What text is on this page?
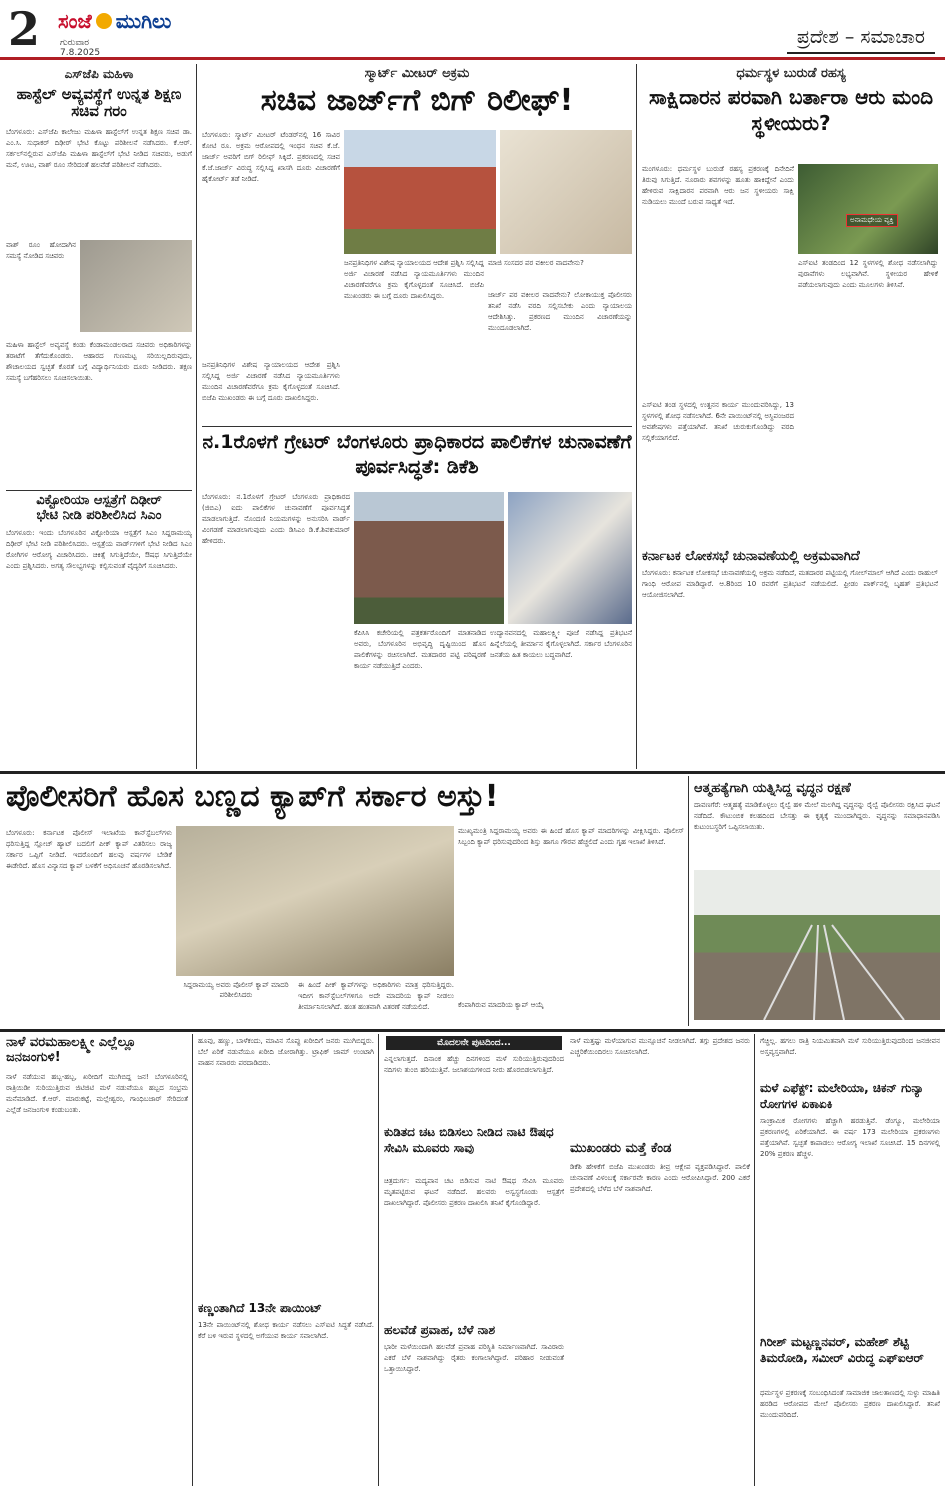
2 ಸಂಜೆ ಮುಗಿಲು
ಗುರುವಾರ
7.8.2025
ಪ್ರದೇಶ – ಸಮಾಚಾರ
ಎಸ್‌ಜೆಪಿ ಮಹಿಳಾ
ಹಾಸ್ಟೆಲ್ ಅವ್ಯವಸ್ಥೆಗೆ ಉನ್ನತ ಶಿಕ್ಷಣ ಸಚಿವ ಗರಂ
ಬೆಂಗಳೂರು: ಎಸ್‌ಜೆಪಿ ಕಾಲೇಜು ಮಹಿಳಾ ಹಾಸ್ಟೆಲ್‌ಗೆ ಉನ್ನತ ಶಿಕ್ಷಣ ಸಚಿವ ಡಾ. ಎಂ.ಸಿ. ಸುಧಾಕರ್ ದಿಢೀರ್ ಭೇಟಿ ಕೊಟ್ಟು ಪರಿಶೀಲನೆ ನಡೆಸಿದರು. ಕೆ.ಆರ್. ಸರ್ಕಲ್‌ನಲ್ಲಿರುವ ಎಸ್‌ಜೆಪಿ ಮಹಿಳಾ ಹಾಸ್ಟೆಲ್‌ಗೆ ಭೇಟಿ ನೀಡಿದ ಸಚಿವರು, ಅಡುಗೆ ಮನೆ, ಊಟ, ವಾಶ್ ರೂಂ ಸೇರಿದಂತೆ ಹಲವೆಡೆ ಪರಿಶೀಲನೆ ನಡೆಸಿದರು.
ವಾಶ್ ರೂಂ ಹೋದಾಗಿನ ಸಮಸ್ಯೆ ನೋಡಿದ ಸಚಿವರು
ಮಹಿಳಾ ಹಾಸ್ಟೆಲ್ ಅವ್ಯವಸ್ಥೆ ಕಂಡು ಕೆಂಡಾಮಂಡಲರಾದ ಸಚಿವರು ಅಧಿಕಾರಿಗಳನ್ನು ತರಾಟೆಗೆ ತೆಗೆದುಕೊಂಡರು. ಆಹಾರದ ಗುಣಮಟ್ಟ ಸರಿಯಿಲ್ಲದಿರುವುದು, ಶೌಚಾಲಯದ ಸ್ವಚ್ಛತೆ ಕೊರತೆ ಬಗ್ಗೆ ವಿದ್ಯಾರ್ಥಿನಿಯರು ದೂರು ನೀಡಿದರು. ತಕ್ಷಣ ಸಮಸ್ಯೆ ಬಗೆಹರಿಸಲು ಸೂಚಿಸಲಾಯಿತು.
ವಿಕ್ಟೋರಿಯಾ ಆಸ್ಪತ್ರೆಗೆ ದಿಢೀರ್
ಭೇಟಿ ನೀಡಿ ಪರಿಶೀಲಿಸಿದ ಸಿಎಂ
ಬೆಂಗಳೂರು: ಇಂದು ಬೆಂಗಳೂರಿನ ವಿಕ್ಟೋರಿಯಾ ಆಸ್ಪತ್ರೆಗೆ ಸಿಎಂ ಸಿದ್ದರಾಮಯ್ಯ ದಿಢೀರ್ ಭೇಟಿ ನೀಡಿ ಪರಿಶೀಲಿಸಿದರು. ಆಸ್ಪತ್ರೆಯ ವಾರ್ಡ್‌ಗಳಿಗೆ ಭೇಟಿ ನೀಡಿದ ಸಿಎಂ ರೋಗಿಗಳ ಆರೋಗ್ಯ ವಿಚಾರಿಸಿದರು. ಚಿಕಿತ್ಸೆ ಸಿಗುತ್ತಿದೆಯೇ, ಔಷಧ ಸಿಗುತ್ತಿದೆಯೇ ಎಂದು ಪ್ರಶ್ನಿಸಿದರು. ಅಗತ್ಯ ಸೌಲಭ್ಯಗಳನ್ನು ಕಲ್ಪಿಸುವಂತೆ ವೈದ್ಯರಿಗೆ ಸೂಚಿಸಿದರು.
ಸ್ಮಾರ್ಟ್ ಮೀಟರ್ ಅಕ್ರಮ
ಸಚಿವ ಜಾರ್ಜ್‌ಗೆ ಬಿಗ್ ರಿಲೀಫ್!
ಬೆಂಗಳೂರು: ಸ್ಮಾರ್ಟ್ ಮೀಟರ್ ಟೆಂಡರ್‌ನಲ್ಲಿ 16 ಸಾವಿರ ಕೋಟಿ ರೂ. ಅಕ್ರಮ ಆರೋಪದಲ್ಲಿ ಇಂಧನ ಸಚಿವ ಕೆ.ಜೆ. ಜಾರ್ಜ್ ಅವರಿಗೆ ಬಿಗ್ ರಿಲೀಫ್ ಸಿಕ್ಕಿದೆ. ಪ್ರಕರಣದಲ್ಲಿ ಸಚಿವ ಕೆ.ಜೆ.ಜಾರ್ಜ್ ವಿರುದ್ಧ ಸಲ್ಲಿಸಿದ್ದ ಖಾಸಗಿ ದೂರು ವಿಚಾರಣೆಗೆ ಹೈಕೋರ್ಟ್ ತಡೆ ನೀಡಿದೆ.
ಜನಪ್ರತಿನಿಧಿಗಳ ವಿಶೇಷ ನ್ಯಾಯಾಲಯದ ಆದೇಶ ಪ್ರಶ್ನಿಸಿ ಸಲ್ಲಿಸಿದ್ದ ಅರ್ಜಿ ವಿಚಾರಣೆ ನಡೆಸಿದ ನ್ಯಾಯಮೂರ್ತಿಗಳು ಮುಂದಿನ ವಿಚಾರಣೆವರೆಗೂ ಕ್ರಮ ಕೈಗೊಳ್ಳದಂತೆ ಸೂಚಿಸಿದೆ. ಬಿಜೆಪಿ ಮುಖಂಡರು ಈ ಬಗ್ಗೆ ದೂರು ದಾಖಲಿಸಿದ್ದರು.
ಮಾಜಿ ಸಂಸದರ ಪರ ವಕೀಲರ ವಾದವೇನು?
ಜಾರ್ಜ್ ಪರ ವಕೀಲರ ವಾದವೇನು? ಲೋಕಾಯುಕ್ತ ಪೊಲೀಸರು ತನಿಖೆ ನಡೆಸಿ ವರದಿ ಸಲ್ಲಿಸಬೇಕು ಎಂದು ನ್ಯಾಯಾಲಯ ಆದೇಶಿಸಿತ್ತು. ಪ್ರಕರಣದ ಮುಂದಿನ ವಿಚಾರಣೆಯನ್ನು ಮುಂದೂಡಲಾಗಿದೆ.
ಜನಪ್ರತಿನಿಧಿಗಳ ವಿಶೇಷ ನ್ಯಾಯಾಲಯದ ಆದೇಶ ಪ್ರಶ್ನಿಸಿ ಸಲ್ಲಿಸಿದ್ದ ಅರ್ಜಿ ವಿಚಾರಣೆ ನಡೆಸಿದ ನ್ಯಾಯಮೂರ್ತಿಗಳು ಮುಂದಿನ ವಿಚಾರಣೆವರೆಗೂ ಕ್ರಮ ಕೈಗೊಳ್ಳದಂತೆ ಸೂಚಿಸಿದೆ. ಬಿಜೆಪಿ ಮುಖಂಡರು ಈ ಬಗ್ಗೆ ದೂರು ದಾಖಲಿಸಿದ್ದರು.
ನ.1ರೊಳಗೆ ಗ್ರೇಟರ್ ಬೆಂಗಳೂರು ಪ್ರಾಧಿಕಾರದ ಪಾಲಿಕೆಗಳ ಚುನಾವಣೆಗೆ ಪೂರ್ವಸಿದ್ಧತೆ: ಡಿಕೆಶಿ
ಬೆಂಗಳೂರು: ನ.1ರೊಳಗೆ ಗ್ರೇಟರ್ ಬೆಂಗಳೂರು ಪ್ರಾಧಿಕಾರದ (ಜಿಬಿಎ) ಐದು ಪಾಲಿಕೆಗಳ ಚುನಾವಣೆಗೆ ಪೂರ್ವಸಿದ್ಧತೆ ಮಾಡಲಾಗುತ್ತಿದೆ. ನೊಂದಣಿ ನಿಯಮಗಳನ್ನು ಅನುಸರಿಸಿ ವಾರ್ಡ್ ವಿಂಗಡಣೆ ಮಾಡಲಾಗುವುದು ಎಂದು ಡಿಸಿಎಂ ಡಿ.ಕೆ.ಶಿವಕುಮಾರ್ ಹೇಳಿದರು.
ಕೆಪಿಸಿಸಿ ಕಚೇರಿಯಲ್ಲಿ ಪತ್ರಕರ್ತರೊಂದಿಗೆ ಮಾತನಾಡಿದ ಅವರು, ಬೆಂಗಳೂರಿನ ಅಭಿವೃದ್ಧಿ ದೃಷ್ಟಿಯಿಂದ ಹೊಸ ಪಾಲಿಕೆಗಳನ್ನು ರಚಿಸಲಾಗಿದೆ. ಮತದಾರರ ಪಟ್ಟಿ ಪರಿಷ್ಕರಣೆ ಕಾರ್ಯ ನಡೆಯುತ್ತಿದೆ ಎಂದರು.
ಉದ್ಯಾನವನದಲ್ಲಿ ಮಹಾಲಕ್ಷ್ಮೀ ಪೂಜೆ ನಡೆಸಿದ್ದ ಪ್ರತಿಭಟನೆ ಹಿನ್ನೆಲೆಯಲ್ಲಿ ತೀರ್ಮಾನ ಕೈಗೊಳ್ಳಲಾಗಿದೆ. ಸರ್ಕಾರ ಬೆಂಗಳೂರಿನ ಜನತೆಯ ಹಿತ ಕಾಯಲು ಬದ್ಧವಾಗಿದೆ.
ಧರ್ಮಸ್ಥಳ ಬುರುಡೆ ರಹಸ್ಯ
ಸಾಕ್ಷಿದಾರನ ಪರವಾಗಿ ಬರ್ತಾರಾ ಆರು ಮಂದಿ ಸ್ಥಳೀಯರು?
ಮಂಗಳೂರು: ಧರ್ಮಸ್ಥಳ ಬುರುಡೆ ರಹಸ್ಯ ಪ್ರಕರಣಕ್ಕೆ ದಿನೇದಿನೆ ತಿರುವು ಸಿಗುತ್ತಿದೆ. ನೂರಾರು ಶವಗಳನ್ನು ಹೂತು ಹಾಕಿದ್ದೇನೆ ಎಂದು ಹೇಳಿರುವ ಸಾಕ್ಷಿದಾರನ ಪರವಾಗಿ ಆರು ಜನ ಸ್ಥಳೀಯರು ಸಾಕ್ಷಿ ನುಡಿಯಲು ಮುಂದೆ ಬರುವ ಸಾಧ್ಯತೆ ಇದೆ.
ಅನಾಮಧೇಯ ವ್ಯಕ್ತಿ
ಎಸ್‌ಐಟಿ ತಂಡದಿಂದ 12 ಸ್ಥಳಗಳಲ್ಲಿ ಶೋಧ ನಡೆಸಲಾಗಿದ್ದು ಪುರಾವೆಗಳು ಲಭ್ಯವಾಗಿವೆ. ಸ್ಥಳೀಯರ ಹೇಳಿಕೆ ಪಡೆಯಲಾಗುವುದು ಎಂದು ಮೂಲಗಳು ತಿಳಿಸಿವೆ.
ಎಸ್‌ಐಟಿ ತಂಡ ಸ್ಥಳದಲ್ಲಿ ಉತ್ಖನನ ಕಾರ್ಯ ಮುಂದುವರಿಸಿದ್ದು, 13 ಸ್ಥಳಗಳಲ್ಲಿ ಶೋಧ ನಡೆಸಲಾಗಿದೆ. 6ನೇ ಪಾಯಿಂಟ್‌ನಲ್ಲಿ ಅಸ್ಥಿಪಂಜರದ ಅವಶೇಷಗಳು ಪತ್ತೆಯಾಗಿವೆ. ತನಿಖೆ ಚುರುಕುಗೊಂಡಿದ್ದು ವರದಿ ಸಲ್ಲಿಕೆಯಾಗಲಿದೆ.
ಕರ್ನಾಟಕ ಲೋಕಸಭೆ ಚುನಾವಣೆಯಲ್ಲಿ ಅಕ್ರಮವಾಗಿದೆ
ಬೆಂಗಳೂರು: ಕರ್ನಾಟಕ ಲೋಕಸಭೆ ಚುನಾವಣೆಯಲ್ಲಿ ಅಕ್ರಮ ನಡೆದಿದೆ, ಮತದಾರರ ಪಟ್ಟಿಯಲ್ಲಿ ಗೋಲ್‌ಮಾಲ್ ಆಗಿದೆ ಎಂದು ರಾಹುಲ್ ಗಾಂಧಿ ಆರೋಪ ಮಾಡಿದ್ದಾರೆ. ಆ.8ರಿಂದ 10 ರವರೆಗೆ ಪ್ರತಿಭಟನೆ ನಡೆಯಲಿದೆ. ಫ್ರೀಡಂ ಪಾರ್ಕ್‌ನಲ್ಲಿ ಬೃಹತ್ ಪ್ರತಿಭಟನೆ ಆಯೋಜಿಸಲಾಗಿದೆ.
ಪೊಲೀಸರಿಗೆ ಹೊಸ ಬಣ್ಣದ ಕ್ಯಾಪ್‌ಗೆ ಸರ್ಕಾರ ಅಸ್ತು!
ಬೆಂಗಳೂರು: ಕರ್ನಾಟಕ ಪೊಲೀಸ್ ಇಲಾಖೆಯ ಕಾನ್‌ಸ್ಟೆಬಲ್‌ಗಳು ಧರಿಸುತ್ತಿದ್ದ ಸ್ಲೋಚ್ ಹ್ಯಾಟ್ ಬದಲಿಗೆ ಪೀಕ್ ಕ್ಯಾಪ್ ವಿತರಿಸಲು ರಾಜ್ಯ ಸರ್ಕಾರ ಒಪ್ಪಿಗೆ ನೀಡಿದೆ. ಇದರೊಂದಿಗೆ ಹಲವು ವರ್ಷಗಳ ಬೇಡಿಕೆ ಈಡೇರಿದೆ. ಹೊಸ ವಿನ್ಯಾಸದ ಕ್ಯಾಪ್ ಬಳಕೆಗೆ ಅಧಿಸೂಚನೆ ಹೊರಡಿಸಲಾಗಿದೆ.
ಸಿದ್ದರಾಮಯ್ಯ ಅವರು ಪೊಲೀಸ್ ಕ್ಯಾಪ್ ಮಾದರಿ ಪರಿಶೀಲಿಸಿದರು
ಈ ಹಿಂದೆ ಪೀಕ್ ಕ್ಯಾಪ್‌ಗಳನ್ನು ಅಧಿಕಾರಿಗಳು ಮಾತ್ರ ಧರಿಸುತ್ತಿದ್ದರು. ಇದೀಗ ಕಾನ್‌ಸ್ಟೆಬಲ್‌ಗಳಿಗೂ ಅದೇ ಮಾದರಿಯ ಕ್ಯಾಪ್ ನೀಡಲು ತೀರ್ಮಾನಿಸಲಾಗಿದೆ. ಹಂತ ಹಂತವಾಗಿ ವಿತರಣೆ ನಡೆಯಲಿದೆ.
ಮುಖ್ಯಮಂತ್ರಿ ಸಿದ್ದರಾಮಯ್ಯ ಅವರು ಈ ಹಿಂದೆ ಹೊಸ ಕ್ಯಾಪ್ ಮಾದರಿಗಳನ್ನು ವೀಕ್ಷಿಸಿದ್ದರು. ಪೊಲೀಸ್ ಸಿಬ್ಬಂದಿ ಕ್ಯಾಪ್ ಧರಿಸುವುದರಿಂದ ಶಿಸ್ತು ಹಾಗೂ ಗೌರವ ಹೆಚ್ಚಲಿದೆ ಎಂದು ಗೃಹ ಇಲಾಖೆ ತಿಳಿಸಿದೆ.
ಕೆಂಪಾಗಿರುವ ಮಾದರಿಯ ಕ್ಯಾಪ್ ಆಯ್ಕೆ
ಆತ್ಮಹತ್ಯೆಗಾಗಿ ಯತ್ನಿಸಿದ್ದ ವೃದ್ಧನ ರಕ್ಷಣೆ
ದಾವಣಗೆರೆ: ಆತ್ಮಹತ್ಯೆ ಮಾಡಿಕೊಳ್ಳಲು ರೈಲ್ವೆ ಹಳಿ ಮೇಲೆ ಮಲಗಿದ್ದ ವೃದ್ಧನನ್ನು ರೈಲ್ವೆ ಪೊಲೀಸರು ರಕ್ಷಿಸಿದ ಘಟನೆ ನಡೆದಿದೆ. ಕೌಟುಂಬಿಕ ಕಲಹದಿಂದ ಬೇಸತ್ತು ಈ ಕೃತ್ಯಕ್ಕೆ ಮುಂದಾಗಿದ್ದರು. ವೃದ್ಧನನ್ನು ಸಮಾಧಾನಪಡಿಸಿ ಕುಟುಂಬಸ್ಥರಿಗೆ ಒಪ್ಪಿಸಲಾಯಿತು.
ನಾಳೆ ವರಮಹಾಲಕ್ಷ್ಮೀ ಎಲ್ಲೆಲ್ಲೂ ಜನಜಂಗುಳಿ!
ನಾಳೆ ನಡೆಯುವ ಹಬ್ಬ-ಹಬ್ಬ, ಖರೀದಿಗೆ ಮುಗಿಬಿದ್ದ ಜನ! ಬೆಂಗಳೂರಿನಲ್ಲಿ ರಾತ್ರಿಯಿಡೀ ಸುರಿಯುತ್ತಿರುವ ಜಿಟಿಜಿಟಿ ಮಳೆ ನಡುವೆಯೂ ಹಬ್ಬದ ಸಂಭ್ರಮ ಮನೆಮಾಡಿದೆ. ಕೆ.ಆರ್. ಮಾರುಕಟ್ಟೆ, ಮಲ್ಲೇಶ್ವರಂ, ಗಾಂಧಿಬಜಾರ್ ಸೇರಿದಂತೆ ಎಲ್ಲೆಡೆ ಜನಜಂಗುಳಿ ಕಂಡುಬಂತು.
ಹೂವು, ಹಣ್ಣು, ಬಾಳೆಕಂದು, ಮಾವಿನ ಸೊಪ್ಪು ಖರೀದಿಗೆ ಜನರು ಮುಗಿಬಿದ್ದರು. ಬೆಲೆ ಏರಿಕೆ ನಡುವೆಯೂ ಖರೀದಿ ಜೋರಾಗಿತ್ತು. ಟ್ರಾಫಿಕ್ ಜಾಮ್ ಉಂಟಾಗಿ ವಾಹನ ಸವಾರರು ಪರದಾಡಿದರು.
ಕಣ್ಣಂತಾಗಿದೆ 13ನೇ ಪಾಯಿಂಟ್
13ನೇ ಪಾಯಿಂಟ್‌ನಲ್ಲಿ ಶೋಧ ಕಾರ್ಯ ನಡೆಸಲು ಎಸ್‌ಐಟಿ ಸಿದ್ಧತೆ ನಡೆಸಿದೆ. ಕೆರೆ ಬಳಿ ಇರುವ ಸ್ಥಳದಲ್ಲಿ ಅಗೆಯುವ ಕಾರ್ಯ ಸವಾಲಾಗಿದೆ.
ಮೊದಲನೇ ಪುಟದಿಂದ...
ಎನ್ನಲಾಗುತ್ತದೆ. ದಿನಾಂಕ ಹೆಚ್ಚು ದಿನಗಳಿಂದ ಮಳೆ ಸುರಿಯುತ್ತಿರುವುದರಿಂದ ನದಿಗಳು ತುಂಬಿ ಹರಿಯುತ್ತಿವೆ. ಜಲಾಶಯಗಳಿಂದ ನೀರು ಹೊರಬಿಡಲಾಗುತ್ತಿದೆ.
ಕುಡಿತದ ಚಟ ಬಿಡಿಸಲು ನೀಡಿದ ನಾಟಿ ಔಷಧ ಸೇವಿಸಿ ಮೂವರು ಸಾವು
ಚಿತ್ರದುರ್ಗ: ಮದ್ಯಪಾನ ಚಟ ಬಿಡಿಸುವ ನಾಟಿ ಔಷಧ ಸೇವಿಸಿ ಮೂವರು ಮೃತಪಟ್ಟಿರುವ ಘಟನೆ ನಡೆದಿದೆ. ಹಲವರು ಅಸ್ವಸ್ಥಗೊಂಡು ಆಸ್ಪತ್ರೆಗೆ ದಾಖಲಾಗಿದ್ದಾರೆ. ಪೊಲೀಸರು ಪ್ರಕರಣ ದಾಖಲಿಸಿ ತನಿಖೆ ಕೈಗೊಂಡಿದ್ದಾರೆ.
ಹಲವೆಡೆ ಪ್ರವಾಹ, ಬೆಳೆ ನಾಶ
ಭಾರೀ ಮಳೆಯಿಂದಾಗಿ ಹಲವೆಡೆ ಪ್ರವಾಹ ಪರಿಸ್ಥಿತಿ ನಿರ್ಮಾಣವಾಗಿದೆ. ಸಾವಿರಾರು ಎಕರೆ ಬೆಳೆ ನಾಶವಾಗಿದ್ದು ರೈತರು ಕಂಗಾಲಾಗಿದ್ದಾರೆ. ಪರಿಹಾರ ನೀಡುವಂತೆ ಒತ್ತಾಯಿಸಿದ್ದಾರೆ.
ನಾಳೆ ಮತ್ತಷ್ಟು ಮಳೆಯಾಗುವ ಮುನ್ಸೂಚನೆ ನೀಡಲಾಗಿದೆ. ತಗ್ಗು ಪ್ರದೇಶದ ಜನರು ಎಚ್ಚರಿಕೆಯಿಂದಿರಲು ಸೂಚಿಸಲಾಗಿದೆ.
ಮುಖಂಡರು ಮತ್ತೆ ಕೆಂಡ
ಡಿಕೆಶಿ ಹೇಳಿಕೆಗೆ ಬಿಜೆಪಿ ಮುಖಂಡರು ತೀವ್ರ ಆಕ್ಷೇಪ ವ್ಯಕ್ತಪಡಿಸಿದ್ದಾರೆ. ಪಾಲಿಕೆ ಚುನಾವಣೆ ವಿಳಂಬಕ್ಕೆ ಸರ್ಕಾರವೇ ಕಾರಣ ಎಂದು ಆರೋಪಿಸಿದ್ದಾರೆ. 200 ಎಕರೆ ಪ್ರದೇಶದಲ್ಲಿ ಬೆಳೆದ ಬೆಳೆ ನಾಶವಾಗಿದೆ.
ಗೆಚ್ಚಿಲ್ಲ. ಹಗಲು ರಾತ್ರಿ ನಿಯಮಿತವಾಗಿ ಮಳೆ ಸುರಿಯುತ್ತಿರುವುದರಿಂದ ಜನಜೀವನ ಅಸ್ತವ್ಯಸ್ತವಾಗಿದೆ.
ಮಳೆ ಎಫೆಕ್ಟ್: ಮಲೇರಿಯಾ, ಚಿಕನ್ ಗುನ್ಯಾ ರೋಗಗಳ ಏಕಾಏಕಿ
ಸಾಂಕ್ರಾಮಿಕ ರೋಗಗಳು ಹೆಚ್ಚಾಗಿ ಹರಡುತ್ತಿವೆ. ಡೆಂಗ್ಯೂ, ಮಲೇರಿಯಾ ಪ್ರಕರಣಗಳಲ್ಲಿ ಏರಿಕೆಯಾಗಿದೆ. ಈ ವರ್ಷ 173 ಮಲೇರಿಯಾ ಪ್ರಕರಣಗಳು ಪತ್ತೆಯಾಗಿವೆ. ಸ್ವಚ್ಛತೆ ಕಾಪಾಡಲು ಆರೋಗ್ಯ ಇಲಾಖೆ ಸೂಚಿಸಿದೆ. 15 ದಿನಗಳಲ್ಲಿ 20% ಪ್ರಕರಣ ಹೆಚ್ಚಳ.
ಗಿರೀಶ್ ಮಟ್ಟಣ್ಣನವರ್, ಮಹೇಶ್ ಶೆಟ್ಟಿ ತಿಮರೋಡಿ, ಸಮೀರ್ ವಿರುದ್ಧ ಎಫ್‌ಐಆರ್
ಧರ್ಮಸ್ಥಳ ಪ್ರಕರಣಕ್ಕೆ ಸಂಬಂಧಿಸಿದಂತೆ ಸಾಮಾಜಿಕ ಜಾಲತಾಣದಲ್ಲಿ ಸುಳ್ಳು ಮಾಹಿತಿ ಹರಡಿದ ಆರೋಪದ ಮೇಲೆ ಪೊಲೀಸರು ಪ್ರಕರಣ ದಾಖಲಿಸಿದ್ದಾರೆ. ತನಿಖೆ ಮುಂದುವರಿದಿದೆ.
